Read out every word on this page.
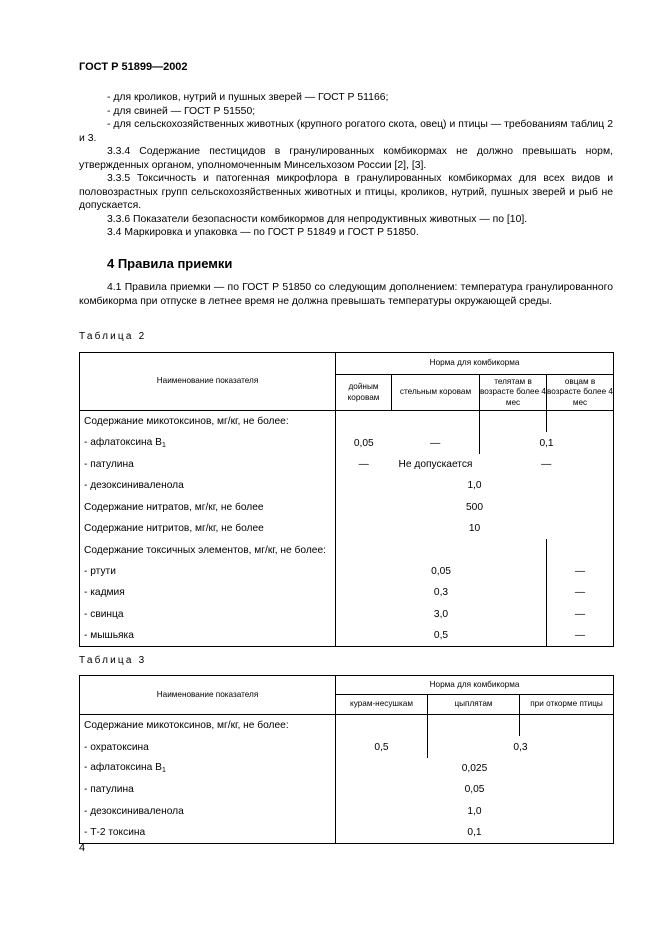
ГОСТ Р 51899—2002

- для кроликов, нутрий и пушных зверей — ГОСТ Р 51166;

- для свиней — ГОСТ Р 51550;

- для сельскохозяйственных животных (крупного рогатого скота, овец) и птицы — требованиям таблиц 2 и 3.

3.3.4 Содержание пестицидов в гранулированных комбикормах не должно превышать норм, утвержденных органом, уполномоченным Минсельхозом России [2], [3].

3.3.5 Токсичность и патогенная микрофлора в гранулированных комбикормах для всех видов и половозрастных групп сельскохозяйственных животных и птицы, кроликов, нутрий, пушных зверей и рыб не допускается.

3.3.6 Показатели безопасности комбикормов для непродуктивных животных — по [10].

3.4 Маркировка и упаковка — по ГОСТ Р 51849 и ГОСТ Р 51850.

4 Правила приемки

4.1 Правила приемки — по ГОСТ Р 51850 со следующим дополнением: температура гранулированного комбикорма при отпуске в летнее время не должна превышать температуры окружающей среды.

Таблица 2
Наименование показателя	Норма для комбикорма			
	дойным коровам	стельным коровам	телятам в возрасте более 4 мес	овцам в возрасте более 4 мес
Содержание микотоксинов, мг/кг, не более:				
- афлатоксина $B_1$	0,05	—	0,1	
- патулина	—	Не допускается	—	
- дезоксиниваленола	1,0			
Содержание нитратов, мг/кг, не более	500			
Содержание нитритов, мг/кг, не более	10			
Содержание токсичных элементов, мг/кг, не более:				
- ртути	0,05			—
- кадмия	0,3			—
- свинца	3,0			—
- мышьяка	0,5			—
Таблица 3
Наименование показателя	Норма для комбикорма		
	курам-несушкам	цыплятам	при откорме птицы
Содержание микотоксинов, мг/кг, не более:			
- охратоксина	0,5	0,3	
- афлатоксина $B_1$	0,025		
- патулина	0,05		
- дезоксиниваленола	1,0		
- Т-2 токсина	0,1		
4
